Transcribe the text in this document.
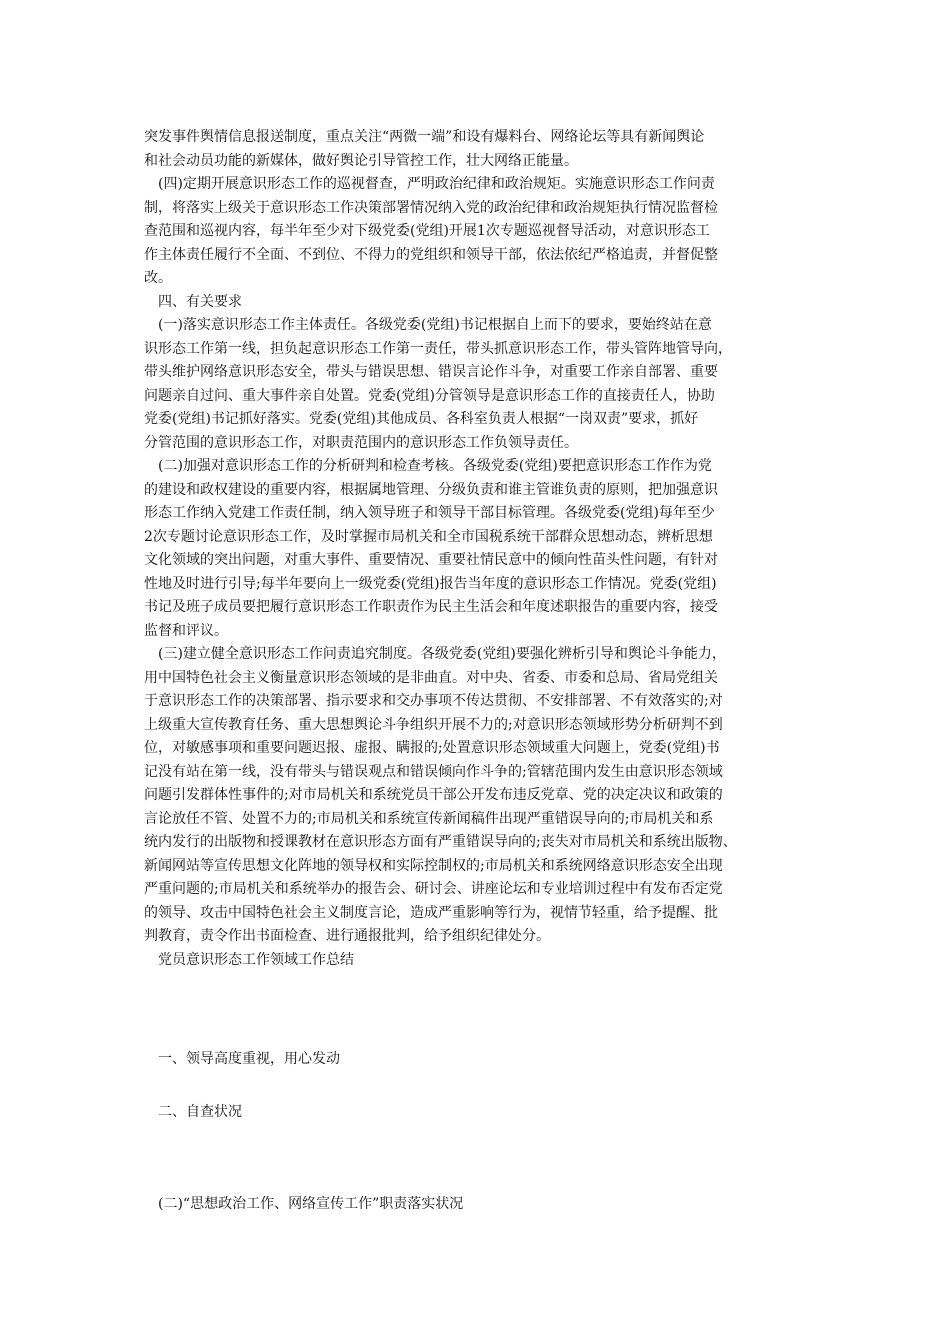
突发事件舆情信息报送制度，重点关注“两微一端”和设有爆料台、网络论坛等具有新闻舆论
和社会动员功能的新媒体，做好舆论引导管控工作，壮大网络正能量。
(四)定期开展意识形态工作的巡视督查，严明政治纪律和政治规矩。实施意识形态工作问责
制，将落实上级关于意识形态工作决策部署情况纳入党的政治纪律和政治规矩执行情况监督检
查范围和巡视内容，每半年至少对下级党委(党组)开展1次专题巡视督导活动，对意识形态工
作主体责任履行不全面、不到位、不得力的党组织和领导干部，依法依纪严格追责，并督促整
改。
四、有关要求
(一)落实意识形态工作主体责任。各级党委(党组)书记根据自上而下的要求，要始终站在意
识形态工作第一线，担负起意识形态工作第一责任，带头抓意识形态工作，带头管阵地管导向，
带头维护网络意识形态安全，带头与错误思想、错误言论作斗争，对重要工作亲自部署、重要
问题亲自过问、重大事件亲自处置。党委(党组)分管领导是意识形态工作的直接责任人，协助
党委(党组)书记抓好落实。党委(党组)其他成员、各科室负责人根据“一岗双责”要求，抓好
分管范围的意识形态工作，对职责范围内的意识形态工作负领导责任。
(二)加强对意识形态工作的分析研判和检查考核。各级党委(党组)要把意识形态工作作为党
的建设和政权建设的重要内容，根据属地管理、分级负责和谁主管谁负责的原则，把加强意识
形态工作纳入党建工作责任制，纳入领导班子和领导干部目标管理。各级党委(党组)每年至少
2次专题讨论意识形态工作，及时掌握市局机关和全市国税系统干部群众思想动态，辨析思想
文化领域的突出问题，对重大事件、重要情况、重要社情民意中的倾向性苗头性问题，有针对
性地及时进行引导;每半年要向上一级党委(党组)报告当年度的意识形态工作情况。党委(党组)
书记及班子成员要把履行意识形态工作职责作为民主生活会和年度述职报告的重要内容，接受
监督和评议。
(三)建立健全意识形态工作问责追究制度。各级党委(党组)要强化辨析引导和舆论斗争能力，
用中国特色社会主义衡量意识形态领域的是非曲直。对中央、省委、市委和总局、省局党组关
于意识形态工作的决策部署、指示要求和交办事项不传达贯彻、不安排部署、不有效落实的;对
上级重大宣传教育任务、重大思想舆论斗争组织开展不力的;对意识形态领域形势分析研判不到
位，对敏感事项和重要问题迟报、虚报、瞒报的;处置意识形态领域重大问题上，党委(党组)书
记没有站在第一线，没有带头与错误观点和错误倾向作斗争的;管辖范围内发生由意识形态领域
问题引发群体性事件的;对市局机关和系统党员干部公开发布违反党章、党的决定决议和政策的
言论放任不管、处置不力的;市局机关和系统宣传新闻稿件出现严重错误导向的;市局机关和系
统内发行的出版物和授课教材在意识形态方面有严重错误导向的;丧失对市局机关和系统出版物、
新闻网站等宣传思想文化阵地的领导权和实际控制权的;市局机关和系统网络意识形态安全出现
严重问题的;市局机关和系统举办的报告会、研讨会、讲座论坛和专业培训过程中有发布否定党
的领导、攻击中国特色社会主义制度言论，造成严重影响等行为，视情节轻重，给予提醒、批
判教育，责令作出书面检查、进行通报批判，给予组织纪律处分。
党员意识形态工作领域工作总结
一、领导高度重视，用心发动
二、自查状况
(二)“思想政治工作、网络宣传工作”职责落实状况
